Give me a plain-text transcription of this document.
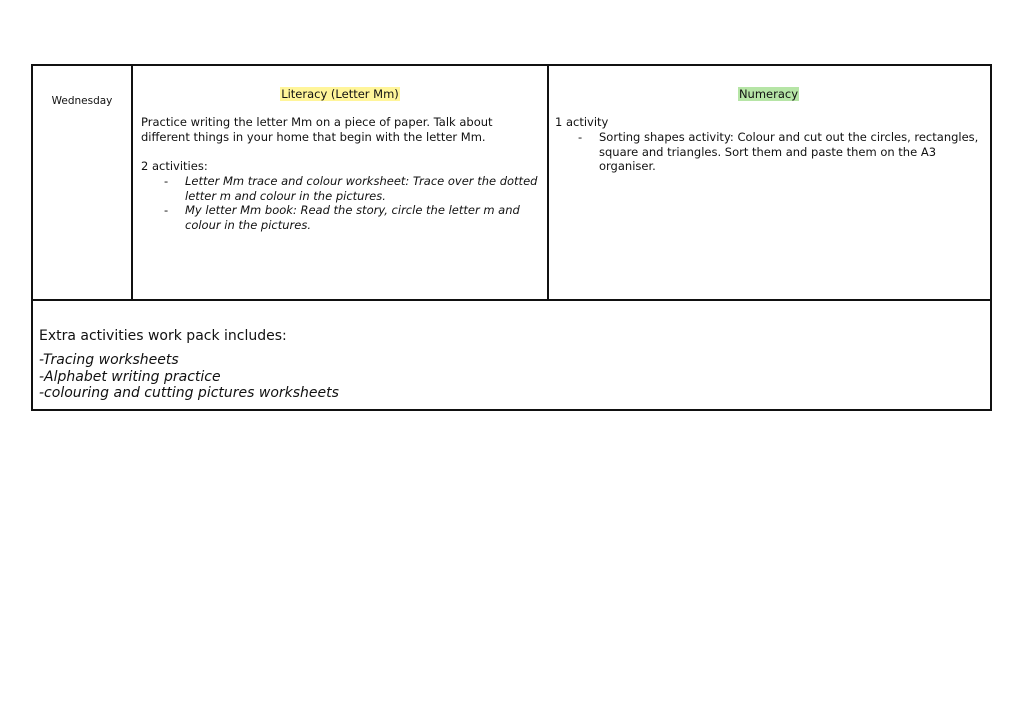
Wednesday	Literacy (Letter Mm)

Practice writing the letter Mm on a piece of paper. Talk about different things in your home that begin with the letter Mm.

2 activities:

- Letter Mm trace and colour worksheet: Trace over the dotted letter m and colour in the pictures.
- My letter Mm book: Read the story, circle the letter m and colour in the pictures.
Numeracy

1 activity

- Sorting shapes activity: Colour and cut out the circles, rectangles, square and triangles. Sort them and paste them on the A3 organiser.

Extra activities work pack includes:

-Tracing worksheets
-Alphabet writing practice
-colouring and cutting pictures worksheets
